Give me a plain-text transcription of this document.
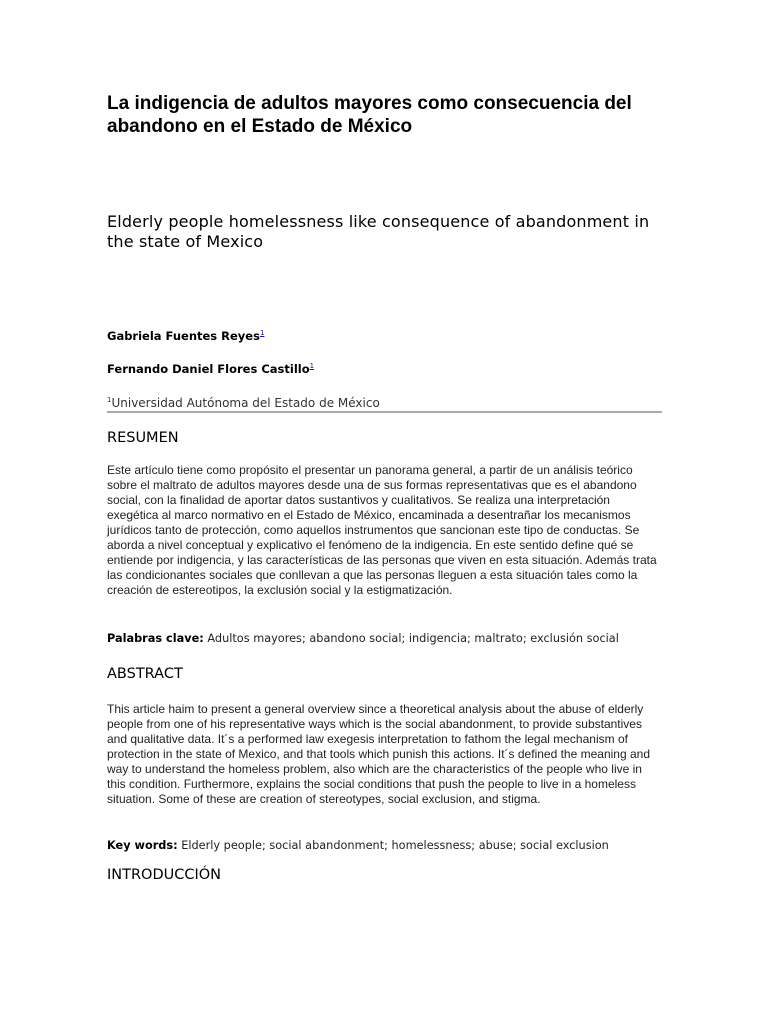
La indigencia de adultos mayores como consecuencia del abandono en el Estado de México
Elderly people homelessness like consequence of abandonment in the state of Mexico

Gabriela Fuentes Reyes$^1$

Fernando Daniel Flores Castillo$^1$

$^1$Universidad Autónoma del Estado de México

RESUMEN

Este artículo tiene como propósito el presentar un panorama general, a partir de un análisis teórico sobre el maltrato de adultos mayores desde una de sus formas representativas que es el abandono social, con la finalidad de aportar datos sustantivos y cualitativos. Se realiza una interpretación exegética al marco normativo en el Estado de México, encaminada a desentrañar los mecanismos jurídicos tanto de protección, como aquellos instrumentos que sancionan este tipo de conductas. Se aborda a nivel conceptual y explicativo el fenómeno de la indigencia. En este sentido define qué se entiende por indigencia, y las características de las personas que viven en esta situación. Además trata las condicionantes sociales que conllevan a que las personas lleguen a esta situación tales como la creación de estereotipos, la exclusión social y la estigmatización.

Palabras clave: Adultos mayores; abandono social; indigencia; maltrato; exclusión social

ABSTRACT

This article haim to present a general overview since a theoretical analysis about the abuse of elderly people from one of his representative ways which is the social abandonment, to provide substantives and qualitative data. It´s a performed law exegesis interpretation to fathom the legal mechanism of protection in the state of Mexico, and that tools which punish this actions. It´s defined the meaning and way to understand the homeless problem, also which are the characteristics of the people who live in this condition. Furthermore, explains the social conditions that push the people to live in a homeless situation. Some of these are creation of stereotypes, social exclusion, and stigma.

Key words: Elderly people; social abandonment; homelessness; abuse; social exclusion

INTRODUCCIÓN
